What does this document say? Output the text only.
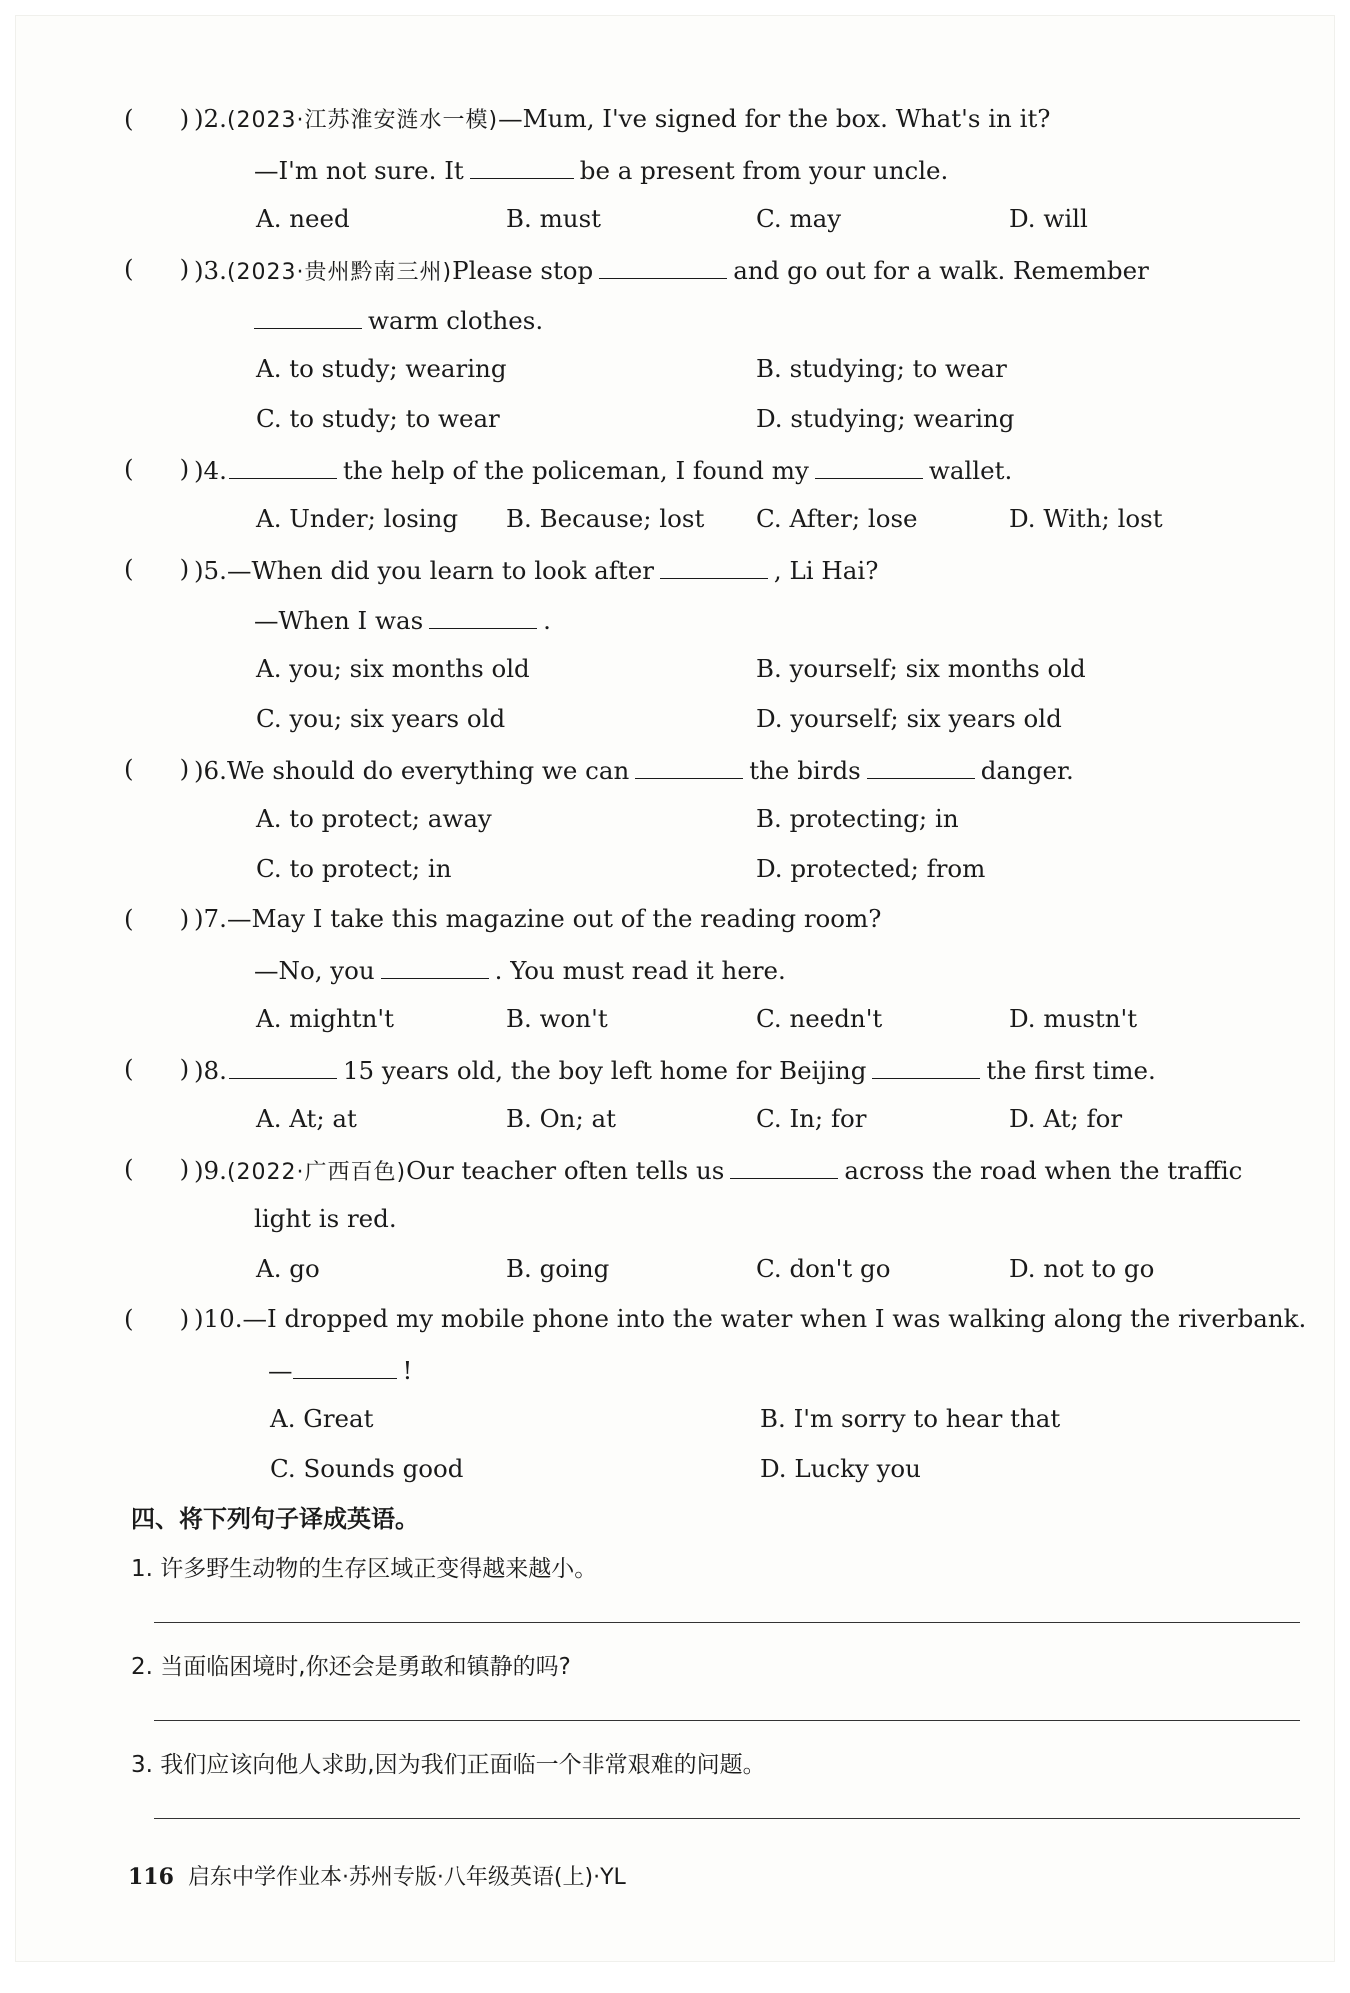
( ) )2.(2023·江苏淮安涟水一模)—Mum, I've signed for the box. What's in it?
—I'm not sure. It	be a present from your uncle.
A. need	B. must	C. may	D. will
( ) )3.(2023·贵州黔南三州)Please stop	and go out for a walk. Remember
warm clothes.
A. to study; wearing	B. studying; to wear
C. to study; to wear	D. studying; wearing
( ) )4.	the help of the policeman, I found my	wallet.
A. Under; losing B. Because; lost C. After; lose	D. With; lost
( ) )5.—When did you learn to look after	, Li Hai?
—When I was	.
A. you; six months old	B. yourself; six months old
C. you; six years old	D. yourself; six years old
( ) )6.We should do everything we can	the birds	danger.
A. to protect; away	B. protecting; in
C. to protect; in	D. protected; from
( ) )7.—May I take this magazine out of the reading room?
—No, you	. You must read it here.
A. mightn't	B. won't	C. needn't	D. mustn't
( ) )8.	15 years old, the boy left home for Beijing	the first time.
A. At; at	B. On; at	C. In; for	D. At; for
( ) )9.(2022·广西百色)Our teacher often tells us	across the road when the traffic
light is red.
A. go	B. going	C. don't go	D. not to go
( ) )10.—I dropped my mobile phone into the water when I was walking along the riverbank.
—	!
A. Great	B. I'm sorry to hear that
C. Sounds good	D. Lucky you
四、将下列句子译成英语。
1. 许多野生动物的生存区域正变得越来越小。
2. 当面临困境时,你还会是勇敢和镇静的吗?
3. 我们应该向他人求助,因为我们正面临一个非常艰难的问题。
116 启东中学作业本·苏州专版·八年级英语(上)·YL
